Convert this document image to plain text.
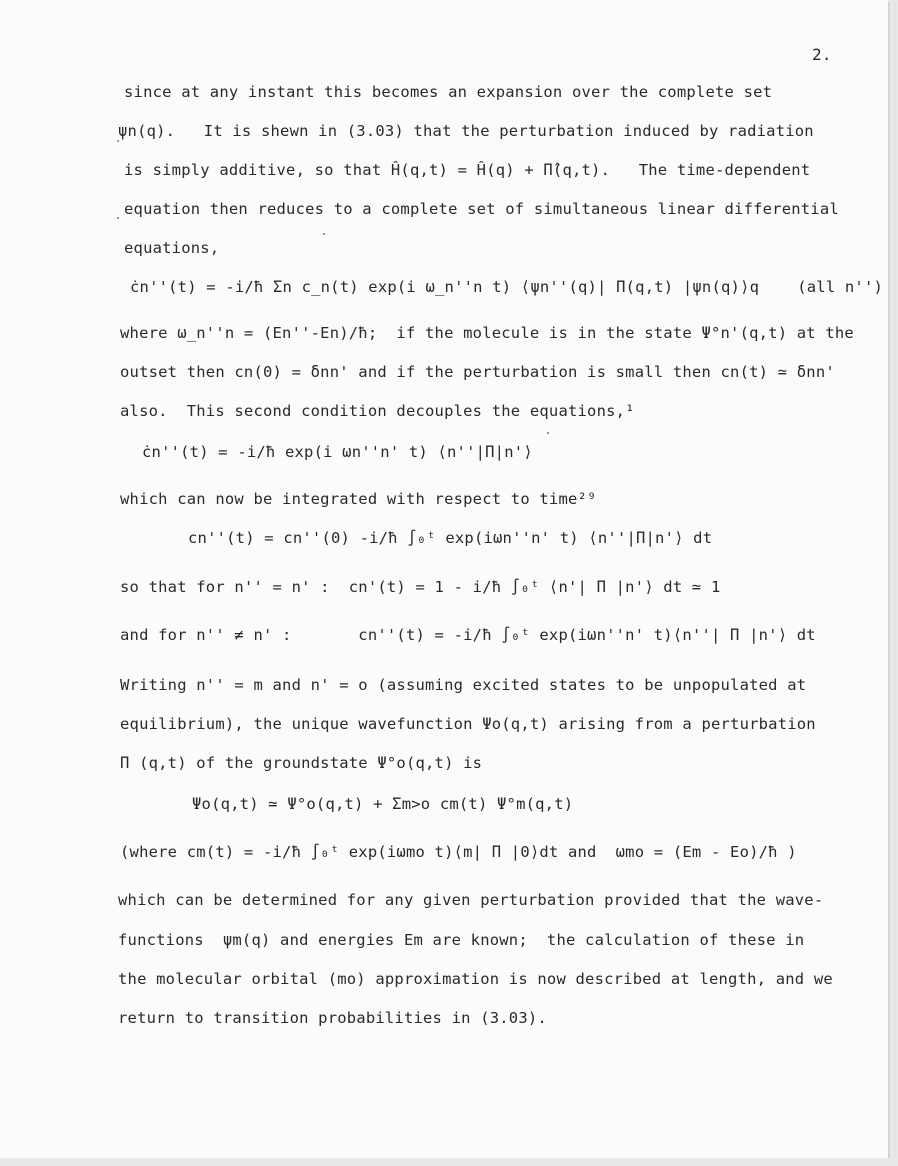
2.
since at any instant this becomes an expansion over the complete set
ψn(q).   It is shewn in (3.03) that the perturbation induced by radiation
is simply additive, so that Ĥ(q,t) = Ĥ(q) + Π̂(q,t).   The time-dependent
equation then reduces to a complete set of simultaneous linear differential
equations,
ċn''(t) = -i/ħ Σn c_n(t) exp(i ω_n''n t) ⟨ψn''(q)| Π(q,t) |ψn(q)⟩q    (all n'')
where ω_n''n = (En''-En)/ħ;  if the molecule is in the state Ψ°n'(q,t) at the
outset then cn(0) = δnn' and if the perturbation is small then cn(t) ≃ δnn'
also.  This second condition decouples the equations,¹
ċn''(t) = -i/ħ exp(i ωn''n' t) ⟨n''|Π|n'⟩
which can now be integrated with respect to time²⁹
cn''(t) = cn''(0) -i/ħ ∫₀ᵗ exp(iωn''n' t) ⟨n''|Π|n'⟩ dt
so that for n'' = n' :  cn'(t) = 1 - i/ħ ∫₀ᵗ ⟨n'| Π |n'⟩ dt ≃ 1
and for n'' ≠ n' :       cn''(t) = -i/ħ ∫₀ᵗ exp(iωn''n' t)⟨n''| Π |n'⟩ dt
Writing n'' = m and n' = o (assuming excited states to be unpopulated at
equilibrium), the unique wavefunction Ψo(q,t) arising from a perturbation
Π (q,t) of the groundstate Ψ°o(q,t) is
Ψo(q,t) ≃ Ψ°o(q,t) + Σm>o cm(t) Ψ°m(q,t)
(where cm(t) = -i/ħ ∫₀ᵗ exp(iωmo t)⟨m| Π |0⟩dt and  ωmo = (Em - Eo)/ħ )
which can be determined for any given perturbation provided that the wave-
functions  ψm(q) and energies Em are known;  the calculation of these in
the molecular orbital (mo) approximation is now described at length, and we
return to transition probabilities in (3.03).
